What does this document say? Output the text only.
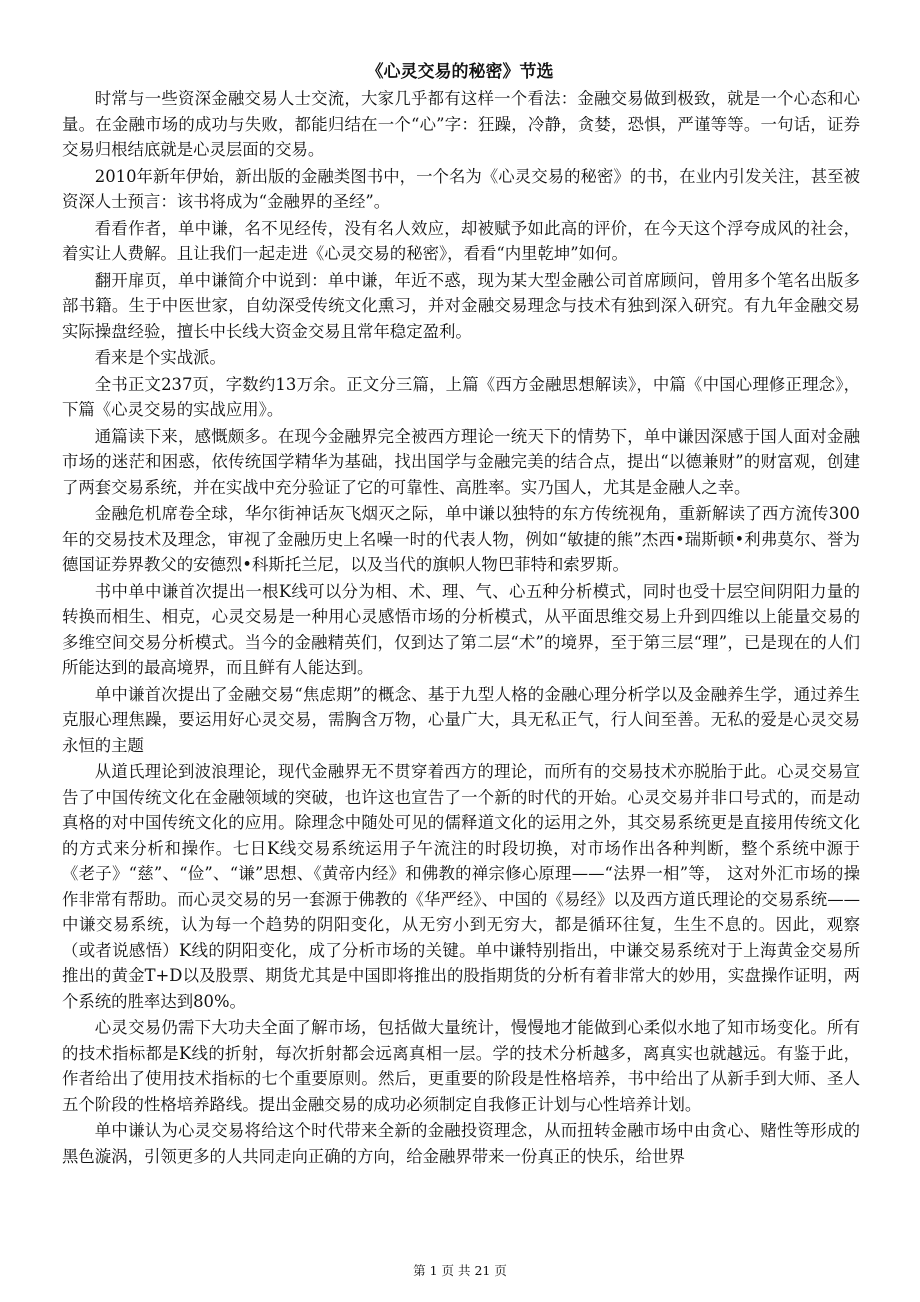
《心灵交易的秘密》节选

时常与一些资深金融交易人士交流，大家几乎都有这样一个看法：金融交易做到极致，就是一个心态和心量。在金融市场的成功与失败，都能归结在一个“心”字：狂躁，冷静，贪婪，恐惧，严谨等等。一句话，证券交易归根结底就是心灵层面的交易。

2010年新年伊始，新出版的金融类图书中，一个名为《心灵交易的秘密》的书，在业内引发关注，甚至被资深人士预言：该书将成为“金融界的圣经”。

看看作者，单中谦，名不见经传，没有名人效应，却被赋予如此高的评价，在今天这个浮夸成风的社会，着实让人费解。且让我们一起走进《心灵交易的秘密》，看看“内里乾坤”如何。

翻开扉页，单中谦简介中说到：单中谦，年近不惑，现为某大型金融公司首席顾问，曾用多个笔名出版多部书籍。生于中医世家，自幼深受传统文化熏习，并对金融交易理念与技术有独到深入研究。有九年金融交易实际操盘经验，擅长中长线大资金交易且常年稳定盈利。

看来是个实战派。

全书正文237页，字数约13万余。正文分三篇，上篇《西方金融思想解读》，中篇《中国心理修正理念》，下篇《心灵交易的实战应用》。

通篇读下来，感慨颇多。在现今金融界完全被西方理论一统天下的情势下，单中谦因深感于国人面对金融市场的迷茫和困惑，依传统国学精华为基础，找出国学与金融完美的结合点，提出“以德兼财”的财富观，创建了两套交易系统，并在实战中充分验证了它的可靠性、高胜率。实乃国人，尤其是金融人之幸。

金融危机席卷全球，华尔街神话灰飞烟灭之际，单中谦以独特的东方传统视角，重新解读了西方流传300年的交易技术及理念，审视了金融历史上名噪一时的代表人物，例如“敏捷的熊”杰西•瑞斯顿•利弗莫尔、誉为德国证券界教父的安德烈•科斯托兰尼，以及当代的旗帜人物巴菲特和索罗斯。

书中单中谦首次提出一根K线可以分为相、术、理、气、心五种分析模式，同时也受十层空间阴阳力量的转换而相生、相克，心灵交易是一种用心灵感悟市场的分析模式，从平面思维交易上升到四维以上能量交易的多维空间交易分析模式。当今的金融精英们，仅到达了第二层“术”的境界，至于第三层“理”，已是现在的人们所能达到的最高境界，而且鲜有人能达到。

单中谦首次提出了金融交易“焦虑期”的概念、基于九型人格的金融心理分析学以及金融养生学，通过养生克服心理焦躁，要运用好心灵交易，需胸含万物，心量广大，具无私正气，行人间至善。无私的爱是心灵交易永恒的主题

从道氏理论到波浪理论，现代金融界无不贯穿着西方的理论，而所有的交易技术亦脱胎于此。心灵交易宣告了中国传统文化在金融领域的突破，也许这也宣告了一个新的时代的开始。心灵交易并非口号式的，而是动真格的对中国传统文化的应用。除理念中随处可见的儒释道文化的运用之外，其交易系统更是直接用传统文化的方式来分析和操作。七日K线交易系统运用子午流注的时段切换，对市场作出各种判断，整个系统中源于《老子》“慈”、“俭”、“谦”思想、《黄帝内经》和佛教的禅宗修心原理——“法界一相”等， 这对外汇市场的操作非常有帮助。而心灵交易的另一套源于佛教的《华严经》、中国的《易经》以及西方道氏理论的交易系统——中谦交易系统，认为每一个趋势的阴阳变化，从无穷小到无穷大，都是循环往复，生生不息的。因此，观察（或者说感悟）K线的阴阳变化，成了分析市场的关键。单中谦特别指出，中谦交易系统对于上海黄金交易所推出的黄金T+D以及股票、期货尤其是中国即将推出的股指期货的分析有着非常大的妙用，实盘操作证明，两个系统的胜率达到80%。

心灵交易仍需下大功夫全面了解市场，包括做大量统计，慢慢地才能做到心柔似水地了知市场变化。所有的技术指标都是K线的折射，每次折射都会远离真相一层。学的技术分析越多，离真实也就越远。有鉴于此，作者给出了使用技术指标的七个重要原则。然后，更重要的阶段是性格培养，书中给出了从新手到大师、圣人五个阶段的性格培养路线。提出金融交易的成功必须制定自我修正计划与心性培养计划。

单中谦认为心灵交易将给这个时代带来全新的金融投资理念，从而扭转金融市场中由贪心、赌性等形成的黑色漩涡，引领更多的人共同走向正确的方向，给金融界带来一份真正的快乐，给世界

第 1 页 共 21 页
